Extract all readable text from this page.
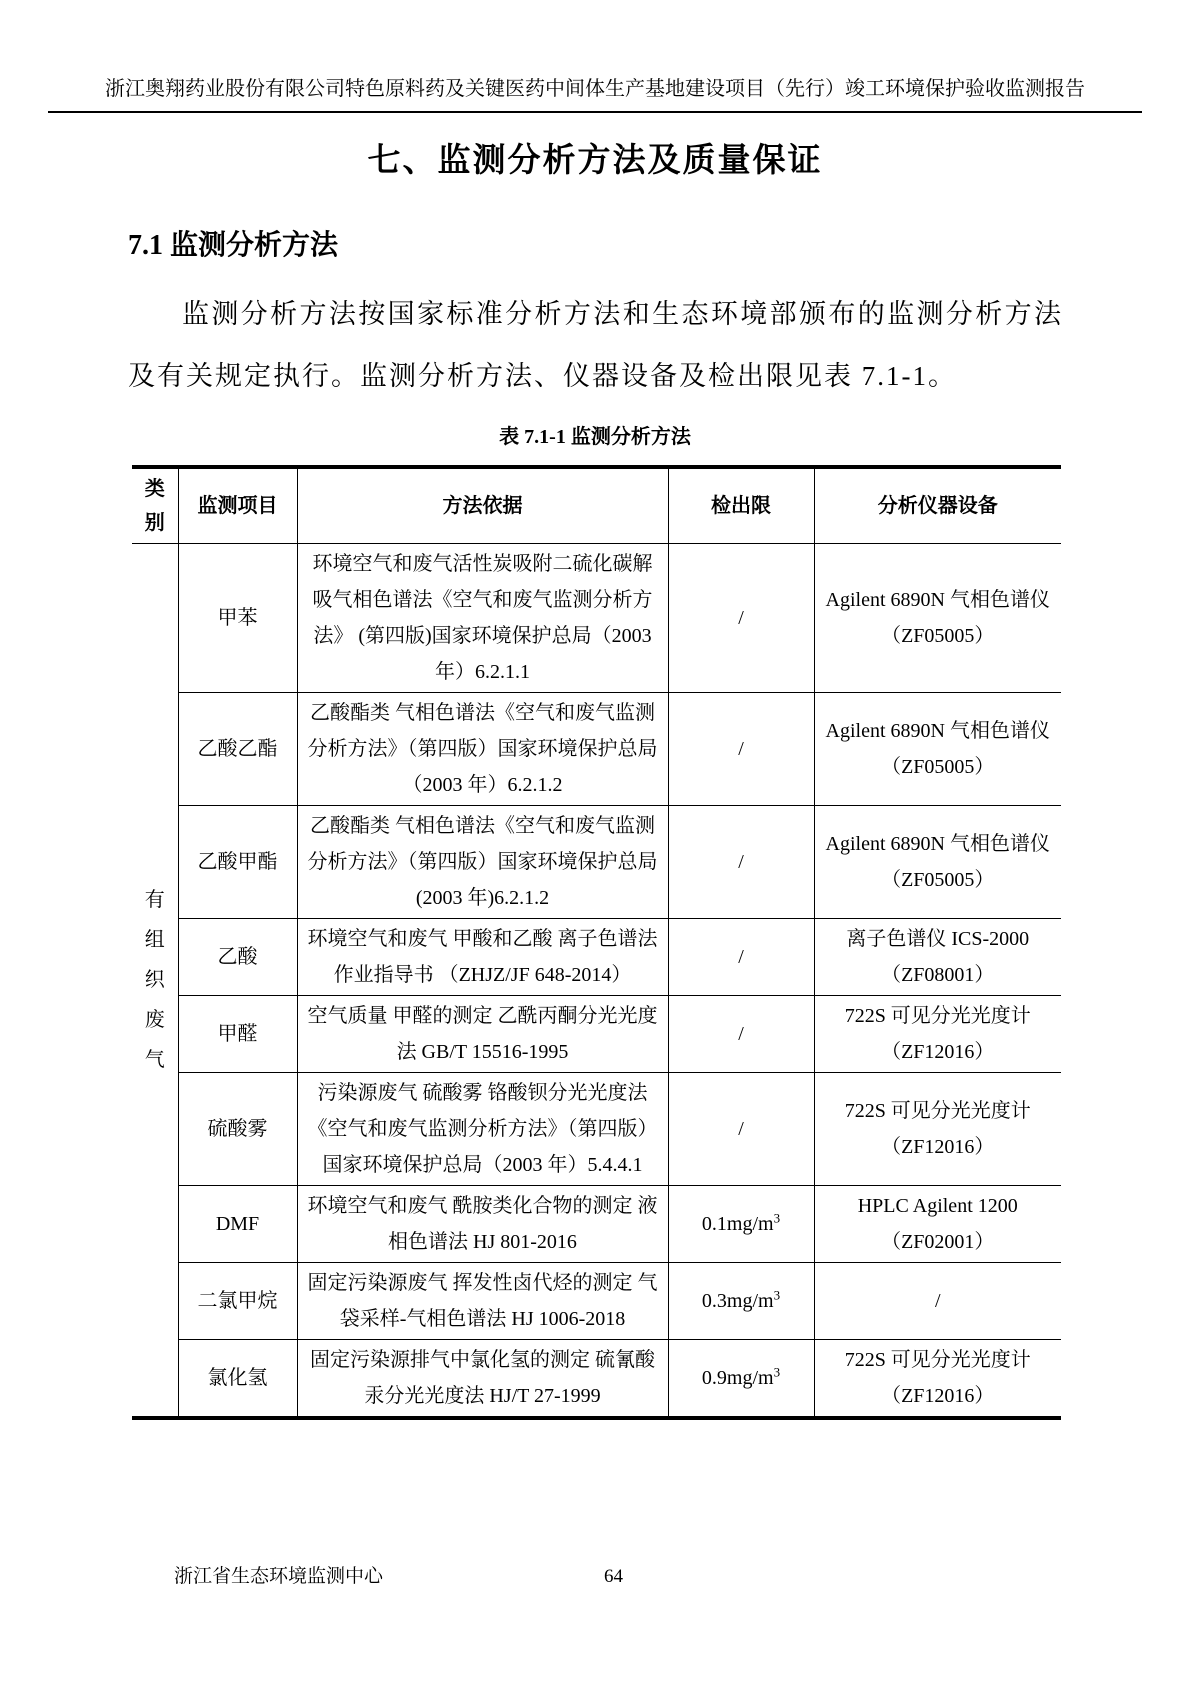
浙江奥翔药业股份有限公司特色原料药及关键医药中间体生产基地建设项目（先行）竣工环境保护验收监测报告
七、监测分析方法及质量保证
7.1 监测分析方法

监测分析方法按国家标准分析方法和生态环境部颁布的监测分析方法及有关规定执行。监测分析方法、仪器设备及检出限见表 7.1-1。

表 7.1-1 监测分析方法
类别	监测项目	方法依据	检出限	分析仪器设备

有组织废气	甲苯	环境空气和废气活性炭吸附二硫化碳解吸气相色谱法《空气和废气监测分析方法》 (第四版)国家环境保护总局（2003 年）6.2.1.1	/	Agilent 6890N 气相色谱仪（ZF05005）
	乙酸乙酯	乙酸酯类 气相色谱法《空气和废气监测分析方法》（第四版）国家环境保护总局（2003 年）6.2.1.2	/	Agilent 6890N 气相色谱仪（ZF05005）
	乙酸甲酯	乙酸酯类 气相色谱法《空气和废气监测分析方法》（第四版）国家环境保护总局(2003 年)6.2.1.2	/	Agilent 6890N 气相色谱仪（ZF05005）
	乙酸	环境空气和废气 甲酸和乙酸 离子色谱法 作业指导书 （ZHJZ/JF 648-2014）	/	离子色谱仪 ICS-2000（ZF08001）
	甲醛	空气质量 甲醛的测定 乙酰丙酮分光光度法 GB/T 15516-1995	/	722S 可见分光光度计（ZF12016）
	硫酸雾	污染源废气 硫酸雾 铬酸钡分光光度法《空气和废气监测分析方法》（第四版）国家环境保护总局（2003 年）5.4.4.1	/	722S 可见分光光度计（ZF12016）
	DMF	环境空气和废气 酰胺类化合物的测定 液相色谱法 HJ 801-2016	$0.1mg/m^3$	HPLC Agilent 1200（ZF02001）
	二氯甲烷	固定污染源废气 挥发性卤代烃的测定 气袋采样-气相色谱法 HJ 1006-2018	$0.3mg/m^3$	/
	氯化氢	固定污染源排气中氯化氢的测定 硫氰酸汞分光光度法 HJ/T 27-1999	$0.9mg/m^3$	722S 可见分光光度计（ZF12016）
浙江省生态环境监测中心	64
